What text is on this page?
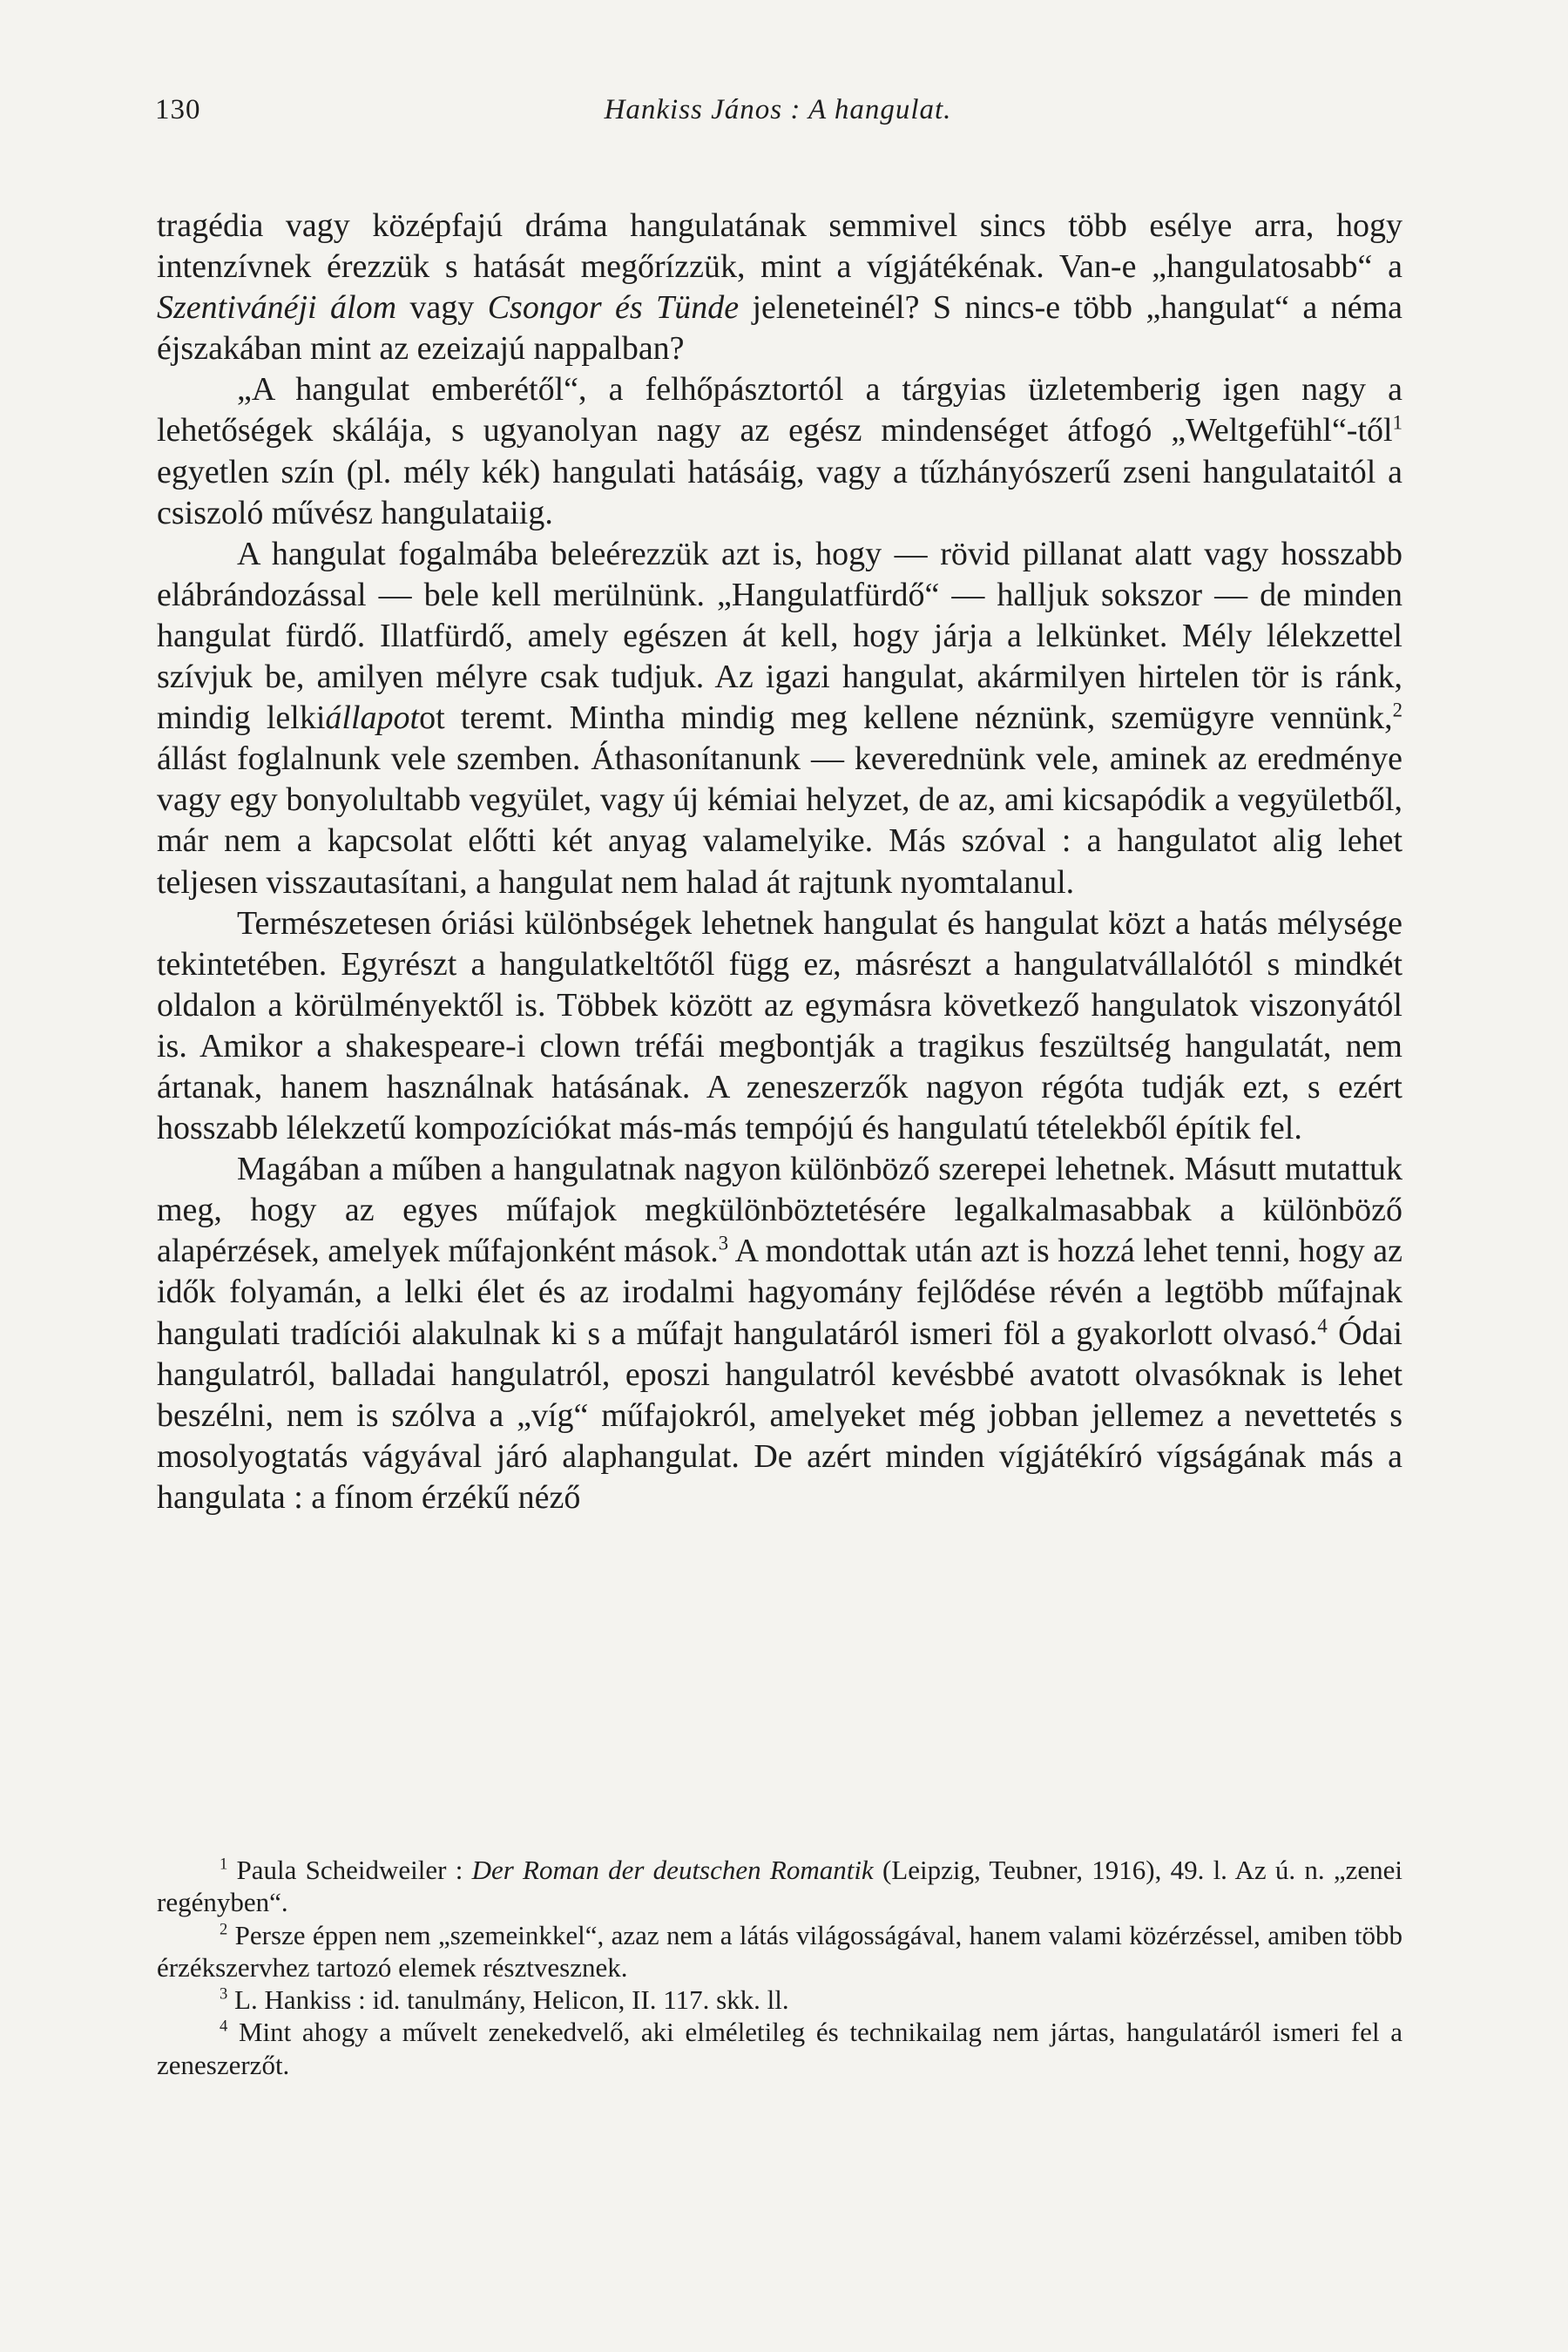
130	Hankiss János : A hangulat.

tragédia vagy középfajú dráma hangulatának semmivel sincs több esélye arra, hogy intenzívnek érezzük s hatását megőrízzük, mint a vígjátékénak. Van-e „hangulatosabb“ a Szentivánéji álom vagy Csongor és Tünde jeleneteinél? S nincs-e több „hangulat“ a néma éjszakában mint az ezeizajú nappalban?

„A hangulat emberétől“, a felhőpásztortól a tárgyias üzletemberig igen nagy a lehetőségek skálája, s ugyanolyan nagy az egész mindenséget átfogó „Weltgefühl“-től$^1$ egyetlen szín (pl. mély kék) hangulati hatásáig, vagy a tűzhányószerű zseni hangulataitól a csiszoló művész hangulataiig.

A hangulat fogalmába beleérezzük azt is, hogy — rövid pillanat alatt vagy hosszabb elábrándozással — bele kell merülnünk. „Hangulatfürdő“ — halljuk sokszor — de minden hangulat fürdő. Illatfürdő, amely egészen át kell, hogy járja a lelkünket. Mély lélekzettel szívjuk be, amilyen mélyre csak tudjuk. Az igazi hangulat, akármilyen hirtelen tör is ránk, mindig lelkiállapotot teremt. Mintha mindig meg kellene néznünk, szemügyre vennünk,$^2$ állást foglalnunk vele szemben. Áthasonítanunk — keverednünk vele, aminek az eredménye vagy egy bonyolultabb vegyület, vagy új kémiai helyzet, de az, ami kicsapódik a vegyületből, már nem a kapcsolat előtti két anyag valamelyike. Más szóval : a hangulatot alig lehet teljesen visszautasítani, a hangulat nem halad át rajtunk nyomtalanul.

Természetesen óriási különbségek lehetnek hangulat és hangulat közt a hatás mélysége tekintetében. Egyrészt a hangulatkeltőtől függ ez, másrészt a hangulatvállalótól s mindkét oldalon a körülményektől is. Többek között az egymásra következő hangulatok viszonyától is. Amikor a shakespeare-i clown tréfái megbontják a tragikus feszültség hangulatát, nem ártanak, hanem használnak hatásának. A zeneszerzők nagyon régóta tudják ezt, s ezért hosszabb lélekzetű kompozíciókat más-más tempójú és hangulatú tételekből építik fel.

Magában a műben a hangulatnak nagyon különböző szerepei lehetnek. Másutt mutattuk meg, hogy az egyes műfajok megkülönböztetésére legalkalmasabbak a különböző alapérzések, amelyek műfajonként mások.$^3$ A mondottak után azt is hozzá lehet tenni, hogy az idők folyamán, a lelki élet és az irodalmi hagyomány fejlődése révén a legtöbb műfajnak hangulati tradíciói alakulnak ki s a műfajt hangulatáról ismeri föl a gyakorlott olvasó.$^4$ Ódai hangulatról, balladai hangulatról, eposzi hangulatról kevésbbé avatott olvasóknak is lehet beszélni, nem is szólva a „víg“ műfajokról, amelyeket még jobban jellemez a nevettetés s mosolyogtatás vágyával járó alaphangulat. De azért minden vígjátékíró vígságának más a hangulata : a fínom érzékű néző

$^1$ Paula Scheidweiler : Der Roman der deutschen Romantik (Leipzig, Teubner, 1916), 49. l. Az ú. n. „zenei regényben“.

$^2$ Persze éppen nem „szemeinkkel“, azaz nem a látás világosságával, hanem valami közérzéssel, amiben több érzékszervhez tartozó elemek résztvesznek.

$^3$ L. Hankiss : id. tanulmány, Helicon, II. 117. skk. ll.

$^4$ Mint ahogy a művelt zenekedvelő, aki elméletileg és technikailag nem jártas, hangulatáról ismeri fel a zeneszerzőt.
